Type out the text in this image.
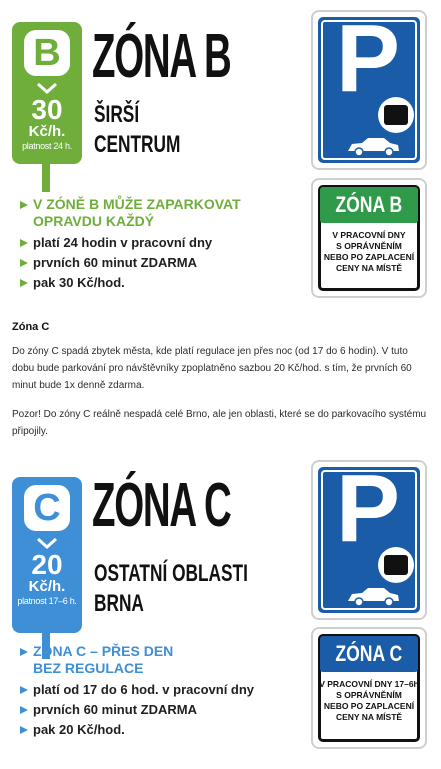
B
30
Kč/h.
platnost 24 h.
ZÓNA B
ŠIRŠÍ
CENTRUM
V ZÓNĚ B MŮŽE ZAPARKOVAT
OPRAVDU KAŽDÝ
platí 24 hodin v pracovní dny
prvních 60 minut ZDARMA
pak 30 Kč/hod.
P
ZÓNA B
V PRACOVNÍ DNY
S OPRÁVNĚNÍM
NEBO PO ZAPLACENÍ
CENY NA MÍSTĚ
Zóna C

Do zóny C spadá zbytek města, kde platí regulace jen přes noc (od 17 do 6 hodin). V tuto dobu bude parkování pro návštěvníky zpoplatněno sazbou 20 Kč/hod. s tím, že prvních 60 minut bude 1x denně zdarma.

Pozor! Do zóny C reálně nespadá celé Brno, ale jen oblasti, které se do parkovacího systému připojily.

C
20
Kč/h.
platnost 17–6 h.
ZÓNA C
OSTATNÍ OBLASTI
BRNA
ZÓNA C – PŘES DEN
BEZ REGULACE
platí od 17 do 6 hod. v pracovní dny
prvních 60 minut ZDARMA
pak 20 Kč/hod.
P
ZÓNA C
V PRACOVNÍ DNY 17–6h
S OPRÁVNĚNÍM
NEBO PO ZAPLACENÍ
CENY NA MÍSTĚ
